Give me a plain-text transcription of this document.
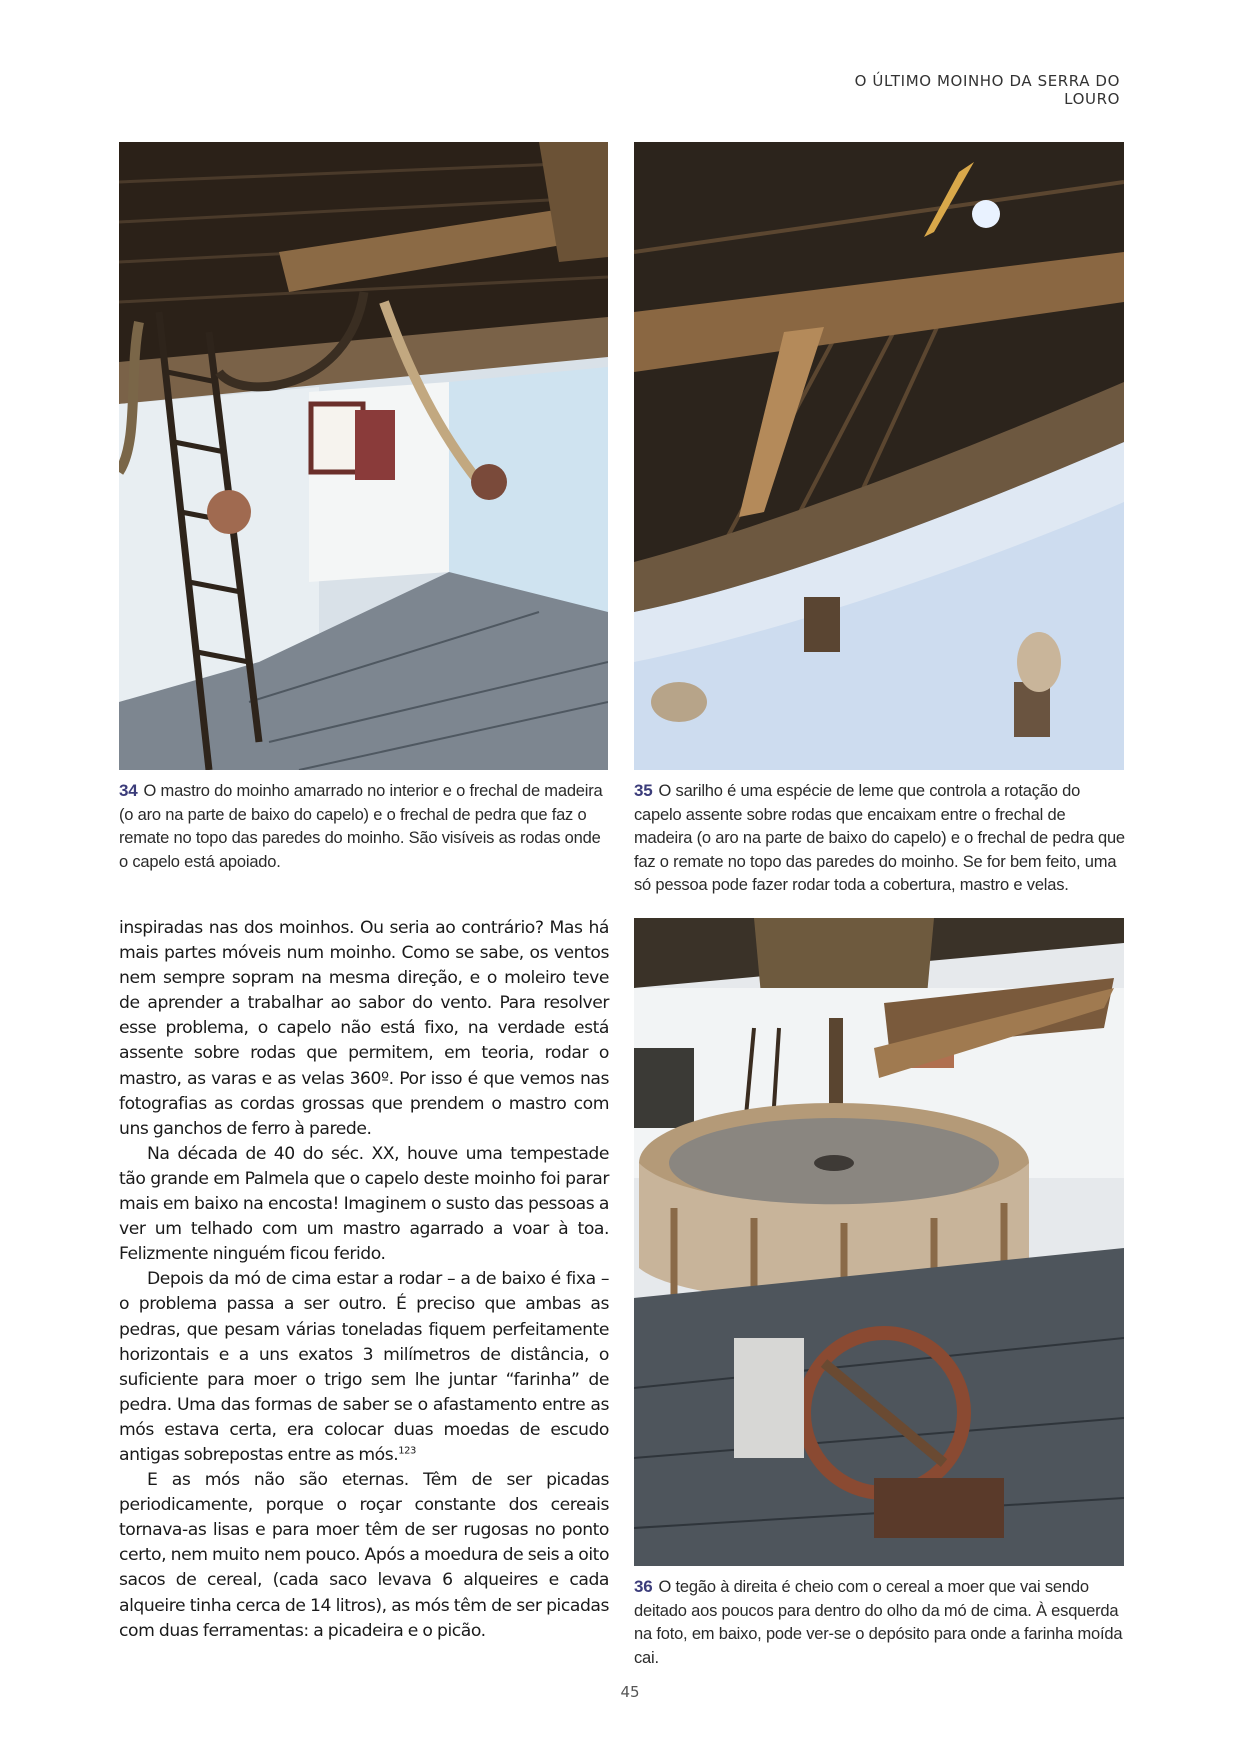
O ÚLTIMO MOINHO DA SERRA DO LOURO
34 O mastro do moinho amarrado no interior e o frechal de madeira (o aro na parte de baixo do capelo) e o frechal de pedra que faz o remate no topo das paredes do moinho. São visíveis as rodas onde o capelo está apoiado.
35 O sarilho é uma espécie de leme que controla a rotação do capelo assente sobre rodas que encaixam entre o frechal de madeira (o aro na parte de baixo do capelo) e o frechal de pedra que faz o remate no topo das paredes do moinho. Se for bem feito, uma só pessoa pode fazer rodar toda a cobertura, mastro e velas.
36 O tegão à direita é cheio com o cereal a moer que vai sendo deitado aos poucos para dentro do olho da mó de cima. À esquerda na foto, em baixo, pode ver-se o depósito para onde a farinha moída cai.

inspiradas nas dos moinhos. Ou seria ao contrário? Mas há mais partes móveis num moinho. Como se sabe, os ventos nem sempre sopram na mesma direção, e o moleiro teve de aprender a trabalhar ao sabor do vento. Para resolver esse problema, o capelo não está fixo, na verdade está assente sobre rodas que permitem, em teoria, rodar o mastro, as varas e as velas 360º. Por isso é que vemos nas fotografias as cordas grossas que prendem o mastro com uns ganchos de ferro à parede.

Na década de 40 do séc. XX, houve uma tempestade tão grande em Palmela que o capelo deste moinho foi parar mais em baixo na encosta! Imaginem o susto das pessoas a ver um telhado com um mastro agarrado a voar à toa. Felizmente ninguém ficou ferido.

Depois da mó de cima estar a rodar – a de baixo é fixa – o problema passa a ser outro. É preciso que ambas as pedras, que pesam várias toneladas fiquem perfeitamente horizontais e a uns exatos 3 milímetros de distância, o suficiente para moer o trigo sem lhe juntar “farinha” de pedra. Uma das formas de saber se o afastamento entre as mós estava certa, era colocar duas moedas de escudo antigas sobrepostas entre as mós.$^{123}$

E as mós não são eternas. Têm de ser picadas periodicamente, porque o roçar constante dos cereais tornava-as lisas e para moer têm de ser rugosas no ponto certo, nem muito nem pouco. Após a moedura de seis a oito sacos de cereal, (cada saco levava 6 alqueires e cada alqueire tinha cerca de 14 litros), as mós têm de ser picadas com duas ferramentas: a picadeira e o picão.

45
